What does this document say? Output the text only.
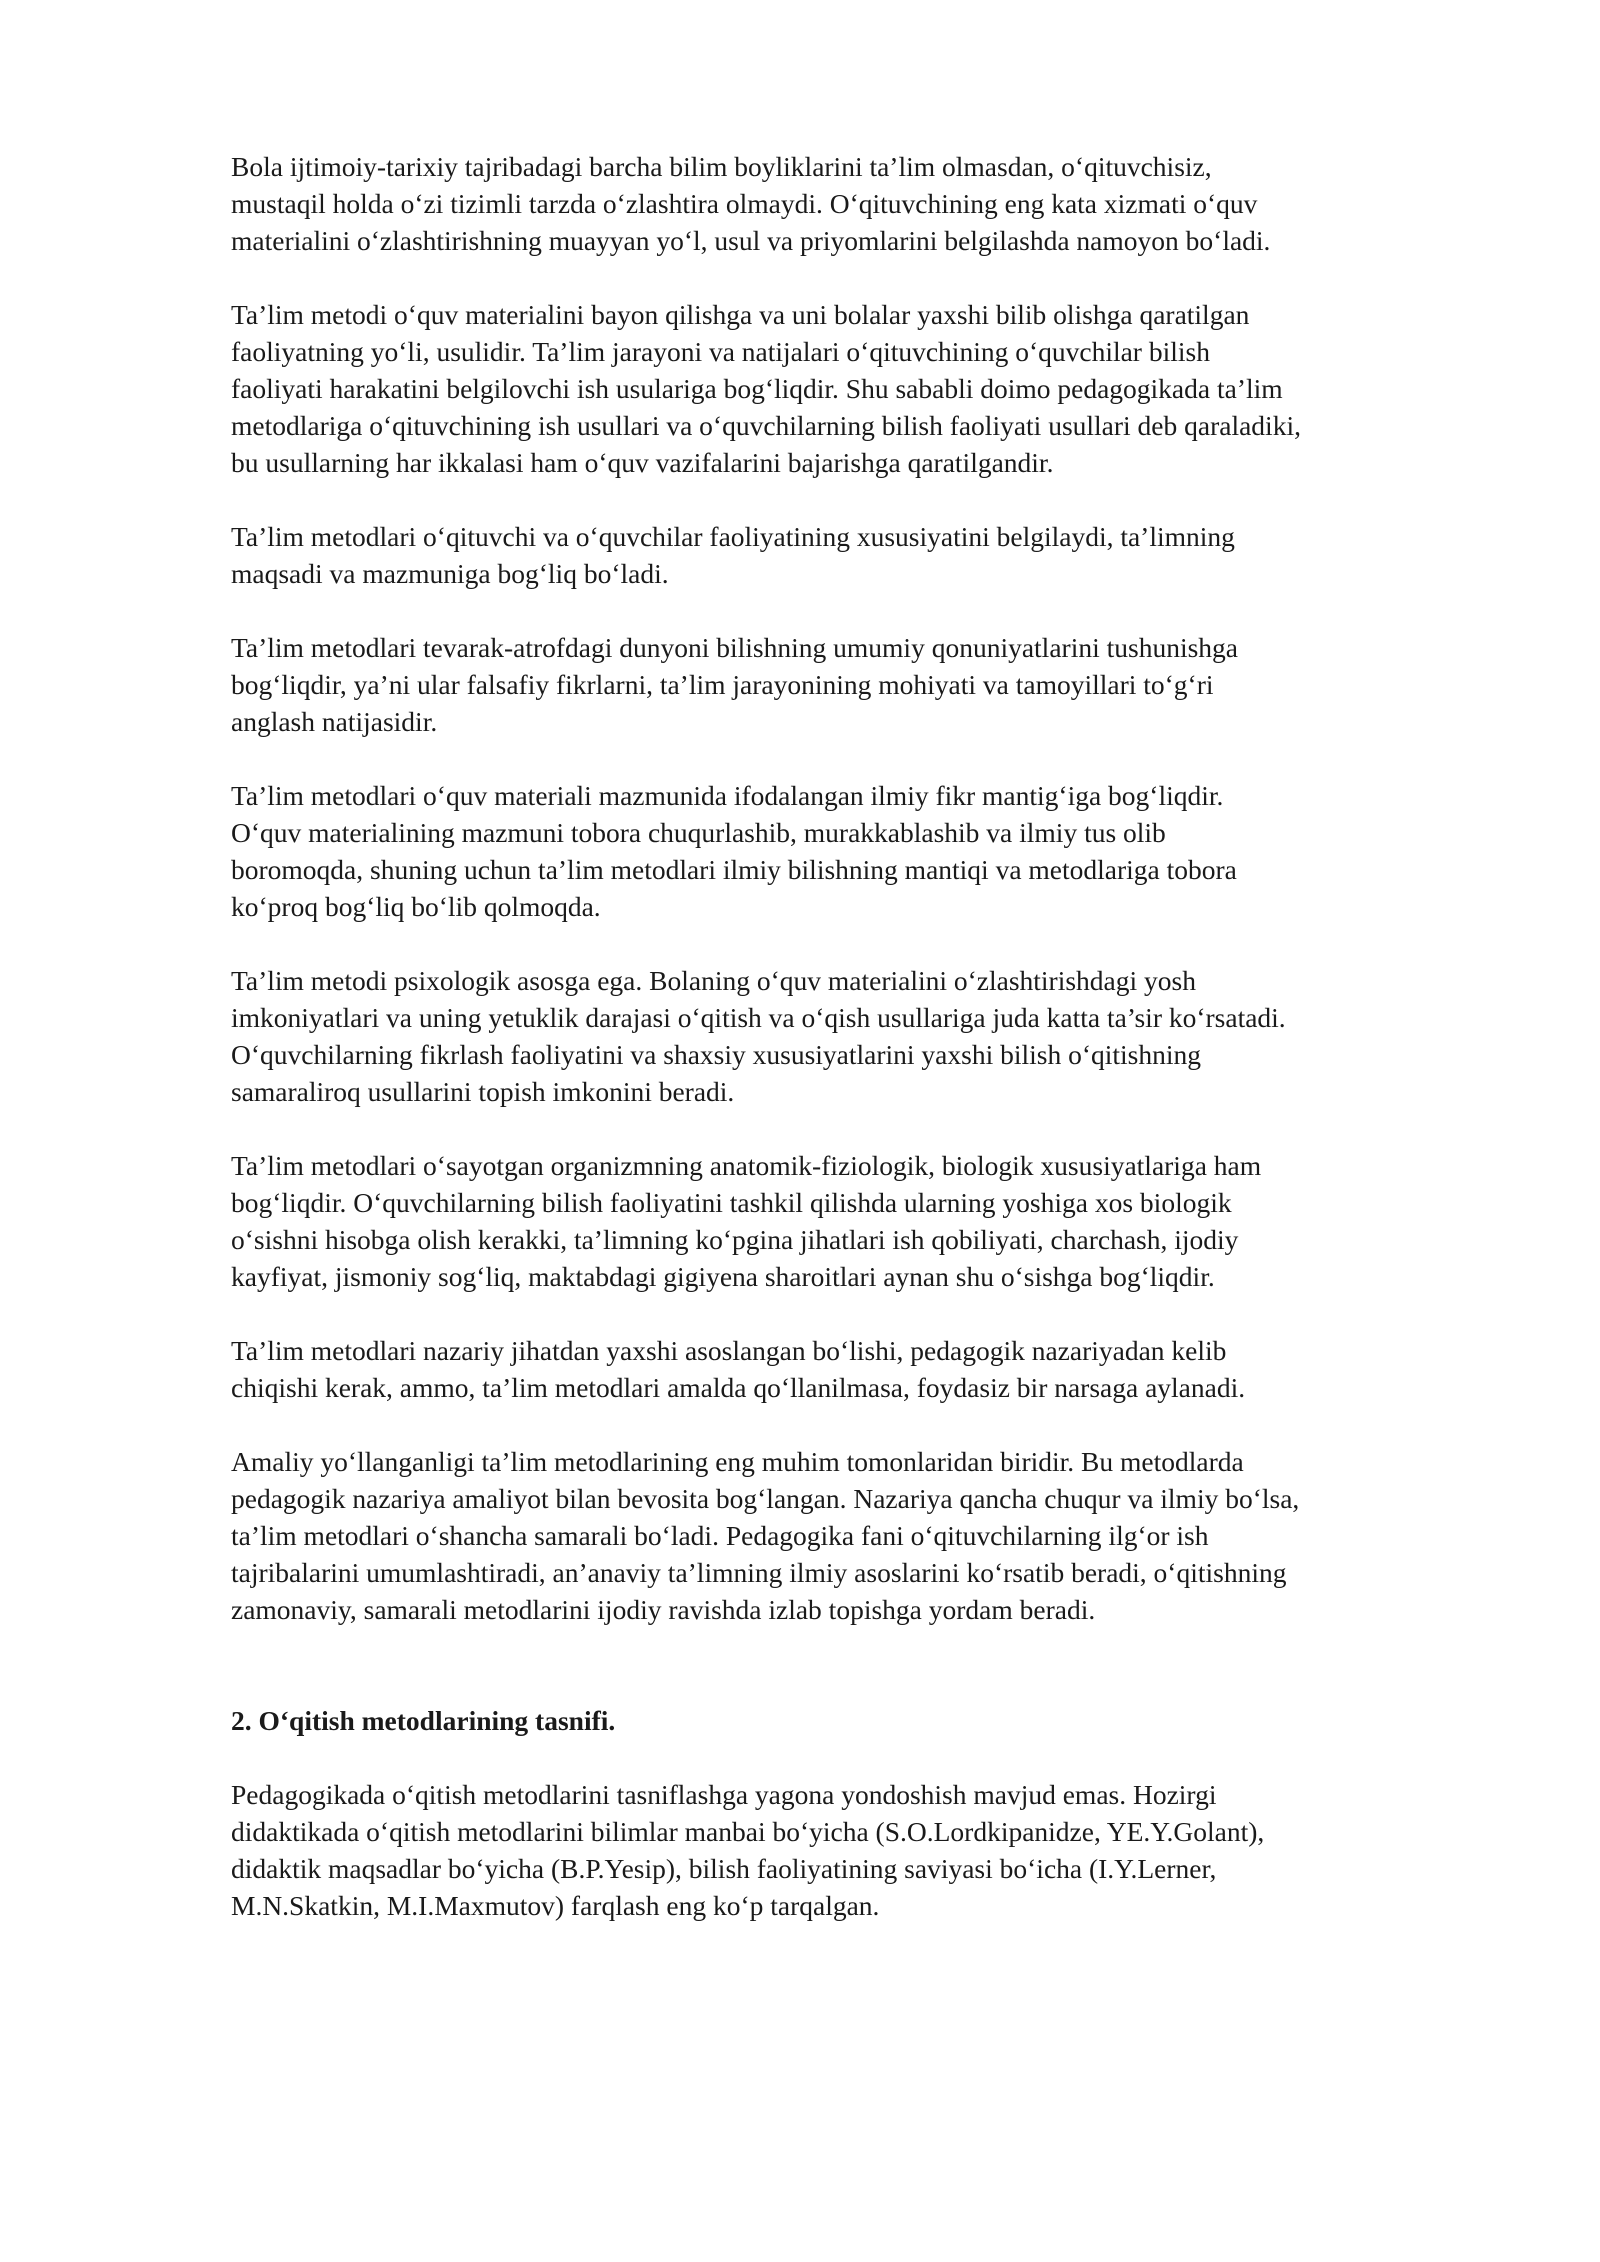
Bola ijtimoiy-tarixiy tajribadagi barcha bilim boyliklarini ta’lim olmasdan, o‘qituvchisiz,
mustaqil holda o‘zi tizimli tarzda o‘zlashtira olmaydi. O‘qituvchining eng kata xizmati o‘quv
materialini o‘zlashtirishning muayyan yo‘l, usul va priyomlarini belgilashda namoyon bo‘ladi.
Ta’lim metodi o‘quv materialini bayon qilishga va uni bolalar yaxshi bilib olishga qaratilgan
faoliyatning yo‘li, usulidir. Ta’lim jarayoni va natijalari o‘qituvchining o‘quvchilar bilish
faoliyati harakatini belgilovchi ish usulariga bog‘liqdir. Shu sababli doimo pedagogikada ta’lim
metodlariga o‘qituvchining ish usullari va o‘quvchilarning bilish faoliyati usullari deb qaraladiki,
bu usullarning har ikkalasi ham o‘quv vazifalarini bajarishga qaratilgandir.
Ta’lim metodlari o‘qituvchi va o‘quvchilar faoliyatining xususiyatini belgilaydi, ta’limning
maqsadi va mazmuniga bog‘liq bo‘ladi.
Ta’lim metodlari tevarak-atrofdagi dunyoni bilishning umumiy qonuniyatlarini tushunishga
bog‘liqdir, ya’ni ular falsafiy fikrlarni, ta’lim jarayonining mohiyati va tamoyillari to‘g‘ri
anglash natijasidir.
Ta’lim metodlari o‘quv materiali mazmunida ifodalangan ilmiy fikr mantig‘iga bog‘liqdir.
O‘quv materialining mazmuni tobora chuqurlashib, murakkablashib va ilmiy tus olib
boromoqda, shuning uchun ta’lim metodlari ilmiy bilishning mantiqi va metodlariga tobora
ko‘proq bog‘liq bo‘lib qolmoqda.
Ta’lim metodi psixologik asosga ega. Bolaning o‘quv materialini o‘zlashtirishdagi yosh
imkoniyatlari va uning yetuklik darajasi o‘qitish va o‘qish usullariga juda katta ta’sir ko‘rsatadi.
O‘quvchilarning fikrlash faoliyatini va shaxsiy xususiyatlarini yaxshi bilish o‘qitishning
samaraliroq usullarini topish imkonini beradi.
Ta’lim metodlari o‘sayotgan organizmning anatomik-fiziologik, biologik xususiyatlariga ham
bog‘liqdir. O‘quvchilarning bilish faoliyatini tashkil qilishda ularning yoshiga xos biologik
o‘sishni hisobga olish kerakki, ta’limning ko‘pgina jihatlari ish qobiliyati, charchash, ijodiy
kayfiyat, jismoniy sog‘liq, maktabdagi gigiyena sharoitlari aynan shu o‘sishga bog‘liqdir.
Ta’lim metodlari nazariy jihatdan yaxshi asoslangan bo‘lishi, pedagogik nazariyadan kelib
chiqishi kerak, ammo, ta’lim metodlari amalda qo‘llanilmasa, foydasiz bir narsaga aylanadi.
Amaliy yo‘llanganligi ta’lim metodlarining eng muhim tomonlaridan biridir. Bu metodlarda
pedagogik nazariya amaliyot bilan bevosita bog‘langan. Nazariya qancha chuqur va ilmiy bo‘lsa,
ta’lim metodlari o‘shancha samarali bo‘ladi. Pedagogika fani o‘qituvchilarning ilg‘or ish
tajribalarini umumlashtiradi, an’anaviy ta’limning ilmiy asoslarini ko‘rsatib beradi, o‘qitishning
zamonaviy, samarali metodlarini ijodiy ravishda izlab topishga yordam beradi.
2. O‘qitish metodlarining tasnifi.
Pedagogikada o‘qitish metodlarini tasniflashga yagona yondoshish mavjud emas. Hozirgi
didaktikada o‘qitish metodlarini bilimlar manbai bo‘yicha (S.O.Lordkipanidze, YE.Y.Golant),
didaktik maqsadlar bo‘yicha (B.P.Yesip), bilish faoliyatining saviyasi bo‘icha (I.Y.Lerner,
M.N.Skatkin, M.I.Maxmutov) farqlash eng ko‘p tarqalgan.
